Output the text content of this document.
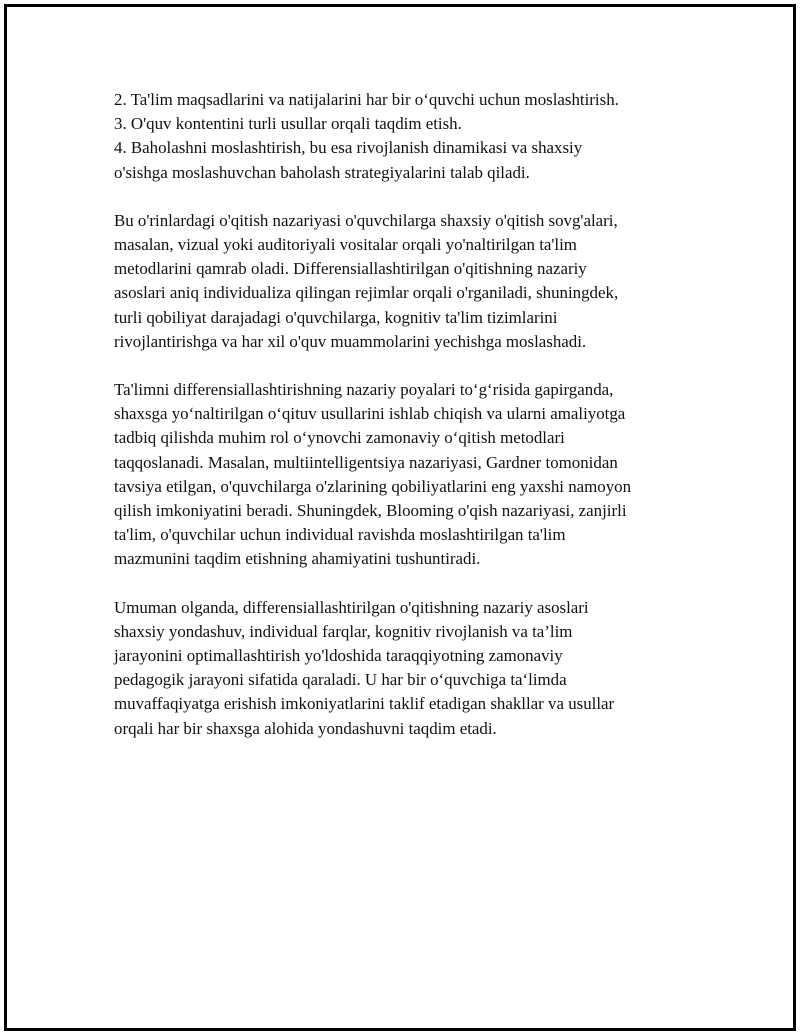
2. Ta'lim maqsadlarini va natijalarini har bir o‘quvchi uchun moslashtirish.
3. O'quv kontentini turli usullar orqali taqdim etish.
4. Baholashni moslashtirish, bu esa rivojlanish dinamikasi va shaxsiy
o'sishga moslashuvchan baholash strategiyalarini talab qiladi.
Bu o'rinlardagi o'qitish nazariyasi o'quvchilarga shaxsiy o'qitish sovg'alari,
masalan, vizual yoki auditoriyali vositalar orqali yo'naltirilgan ta'lim
metodlarini qamrab oladi. Differensiallashtirilgan o'qitishning nazariy
asoslari aniq individualiza qilingan rejimlar orqali o'rganiladi, shuningdek,
turli qobiliyat darajadagi o'quvchilarga, kognitiv ta'lim tizimlarini
rivojlantirishga va har xil o'quv muammolarini yechishga moslashadi.
Ta'limni differensiallashtirishning nazariy poyalari to‘g‘risida gapirganda,
shaxsga yo‘naltirilgan o‘qituv usullarini ishlab chiqish va ularni amaliyotga
tadbiq qilishda muhim rol o‘ynovchi zamonaviy o‘qitish metodlari
taqqoslanadi. Masalan, multiintelligentsiya nazariyasi, Gardner tomonidan
tavsiya etilgan, o'quvchilarga o'zlarining qobiliyatlarini eng yaxshi namoyon
qilish imkoniyatini beradi. Shuningdek, Blooming o'qish nazariyasi, zanjirli
ta'lim, o'quvchilar uchun individual ravishda moslashtirilgan ta'lim
mazmunini taqdim etishning ahamiyatini tushuntiradi.
Umuman olganda, differensiallashtirilgan o'qitishning nazariy asoslari
shaxsiy yondashuv, individual farqlar, kognitiv rivojlanish va ta’lim
jarayonini optimallashtirish yo'ldoshida taraqqiyotning zamonaviy
pedagogik jarayoni sifatida qaraladi. U har bir o‘quvchiga ta‘limda
muvaffaqiyatga erishish imkoniyatlarini taklif etadigan shakllar va usullar
orqali har bir shaxsga alohida yondashuvni taqdim etadi.
